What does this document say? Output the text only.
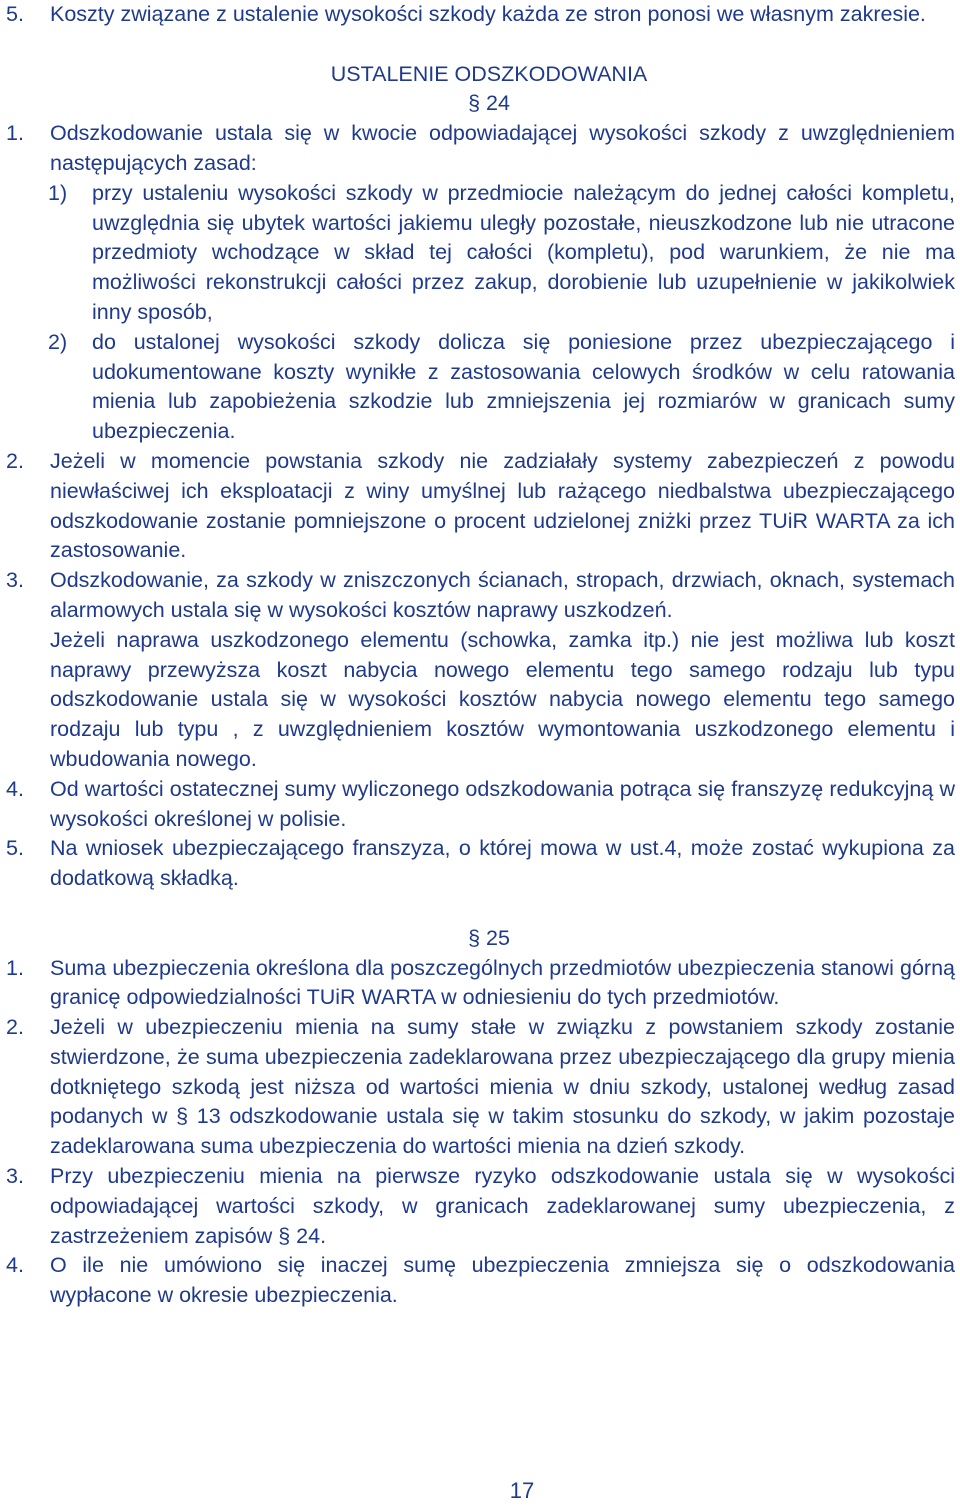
5. Koszty związane z ustalenie wysokości szkody każda ze stron ponosi we własnym zakresie.
USTALENIE ODSZKODOWANIA
§ 24
1. Odszkodowanie ustala się w kwocie odpowiadającej wysokości szkody z uwzględnieniem następujących zasad:
1) przy ustaleniu wysokości szkody w przedmiocie należącym do jednej całości kompletu, uwzględnia się ubytek wartości jakiemu uległy pozostałe, nieuszkodzone lub nie utracone przedmioty wchodzące w skład tej całości (kompletu), pod warunkiem, że nie ma możliwości rekonstrukcji całości przez zakup, dorobienie lub uzupełnienie w jakikolwiek inny sposób,
2) do ustalonej wysokości szkody dolicza się poniesione przez ubezpieczającego i udokumentowane koszty wynikłe z zastosowania celowych środków w celu ratowania mienia lub zapobieżenia szkodzie lub zmniejszenia jej rozmiarów w granicach sumy ubezpieczenia.
2. Jeżeli w momencie powstania szkody nie zadziałały systemy zabezpieczeń z powodu niewłaściwej ich eksploatacji z winy umyślnej lub rażącego niedbalstwa ubezpieczającego odszkodowanie zostanie pomniejszone o procent udzielonej zniżki przez TUiR WARTA za ich zastosowanie.
3. Odszkodowanie, za szkody w zniszczonych ścianach, stropach, drzwiach, oknach, systemach alarmowych ustala się w wysokości kosztów naprawy uszkodzeń.
Jeżeli naprawa uszkodzonego elementu (schowka, zamka itp.) nie jest możliwa lub koszt naprawy przewyższa koszt nabycia nowego elementu tego samego rodzaju lub typu odszkodowanie ustala się w wysokości kosztów nabycia nowego elementu tego samego rodzaju lub typu , z uwzględnieniem kosztów wymontowania uszkodzonego elementu i wbudowania nowego.
4. Od wartości ostatecznej sumy wyliczonego odszkodowania potrąca się franszyzę redukcyjną w wysokości określonej w polisie.
5. Na wniosek ubezpieczającego franszyza, o której mowa w ust.4, może zostać wykupiona za dodatkową składką.
§ 25
1. Suma ubezpieczenia określona dla poszczególnych przedmiotów ubezpieczenia stanowi górną granicę odpowiedzialności TUiR WARTA w odniesieniu do tych przedmiotów.
2. Jeżeli w ubezpieczeniu mienia na sumy stałe w związku z powstaniem szkody zostanie stwierdzone, że suma ubezpieczenia zadeklarowana przez ubezpieczającego dla grupy mienia dotkniętego szkodą jest niższa od wartości mienia w dniu szkody, ustalonej według zasad podanych w § 13 odszkodowanie ustala się w takim stosunku do szkody, w jakim pozostaje zadeklarowana suma ubezpieczenia do wartości mienia na dzień szkody.
3. Przy ubezpieczeniu mienia na pierwsze ryzyko odszkodowanie ustala się w wysokości odpowiadającej wartości szkody, w granicach zadeklarowanej sumy ubezpieczenia, z zastrzeżeniem zapisów § 24.
4. O ile nie umówiono się inaczej sumę ubezpieczenia zmniejsza się o odszkodowania wypłacone w okresie ubezpieczenia.
17
